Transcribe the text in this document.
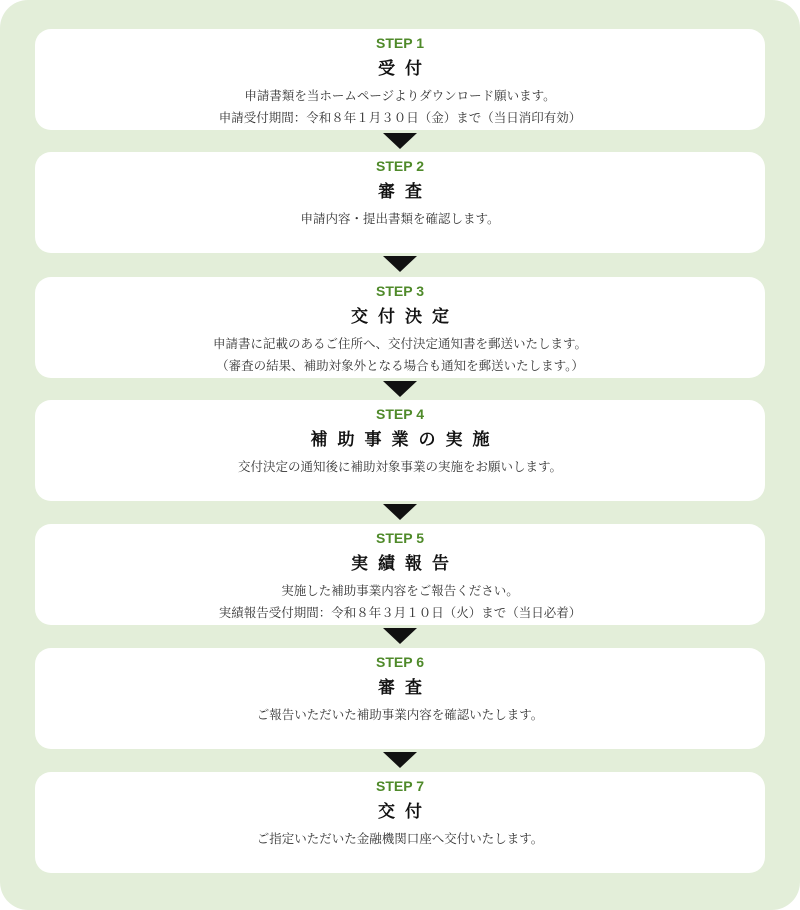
STEP 1
受付
申請書類を当ホームページよりダウンロード願います。
申請受付期間：令和８年１月３０日（金）まで（当日消印有効）
STEP 2
審査
申請内容・提出書類を確認します。
STEP 3
交付決定
申請書に記載のあるご住所へ、交付決定通知書を郵送いたします。
（審査の結果、補助対象外となる場合も通知を郵送いたします。）
STEP 4
補助事業の実施
交付決定の通知後に補助対象事業の実施をお願いします。
STEP 5
実績報告
実施した補助事業内容をご報告ください。
実績報告受付期間：令和８年３月１０日（火）まで（当日必着）
STEP 6
審査
ご報告いただいた補助事業内容を確認いたします。
STEP 7
交付
ご指定いただいた金融機関口座へ交付いたします。
